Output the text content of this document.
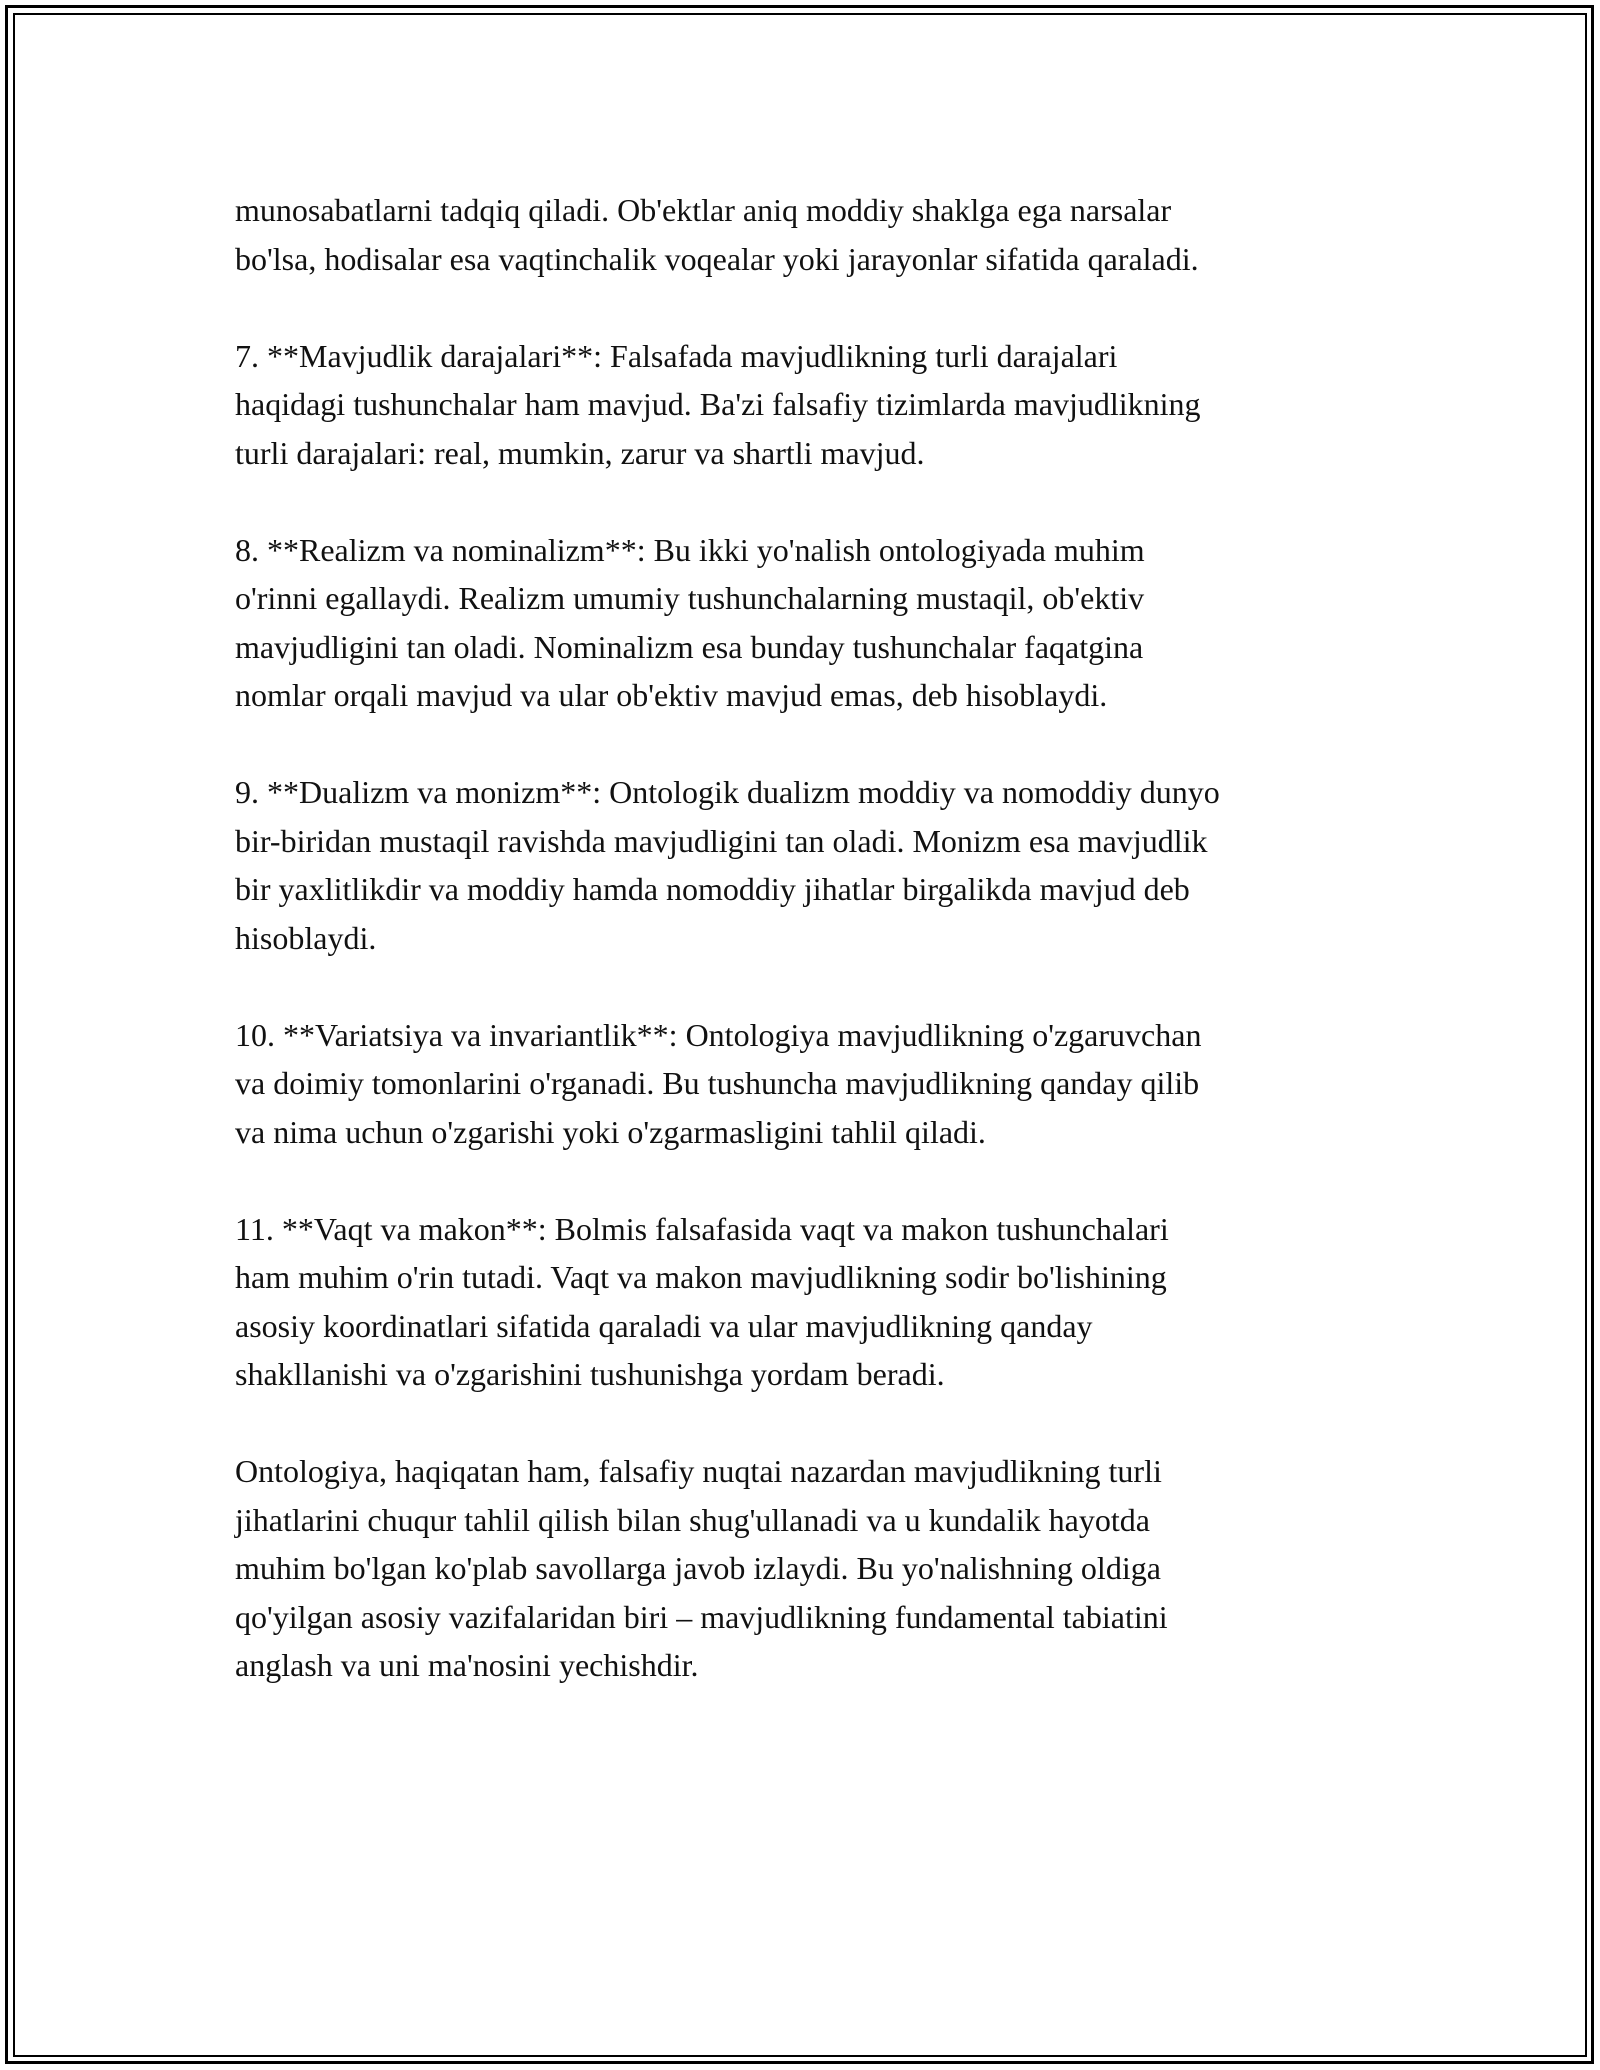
munosabatlarni tadqiq qiladi. Ob'ektlar aniq moddiy shaklga ega narsalar
bo'lsa, hodisalar esa vaqtinchalik voqealar yoki jarayonlar sifatida qaraladi.

7. **Mavjudlik darajalari**: Falsafada mavjudlikning turli darajalari
haqidagi tushunchalar ham mavjud. Ba'zi falsafiy tizimlarda mavjudlikning
turli darajalari: real, mumkin, zarur va shartli mavjud.

8. **Realizm va nominalizm**: Bu ikki yo'nalish ontologiyada muhim
o'rinni egallaydi. Realizm umumiy tushunchalarning mustaqil, ob'ektiv
mavjudligini tan oladi. Nominalizm esa bunday tushunchalar faqatgina
nomlar orqali mavjud va ular ob'ektiv mavjud emas, deb hisoblaydi.

9. **Dualizm va monizm**: Ontologik dualizm moddiy va nomoddiy dunyo
bir-biridan mustaqil ravishda mavjudligini tan oladi. Monizm esa mavjudlik
bir yaxlitlikdir va moddiy hamda nomoddiy jihatlar birgalikda mavjud deb
hisoblaydi.

10. **Variatsiya va invariantlik**: Ontologiya mavjudlikning o'zgaruvchan
va doimiy tomonlarini o'rganadi. Bu tushuncha mavjudlikning qanday qilib
va nima uchun o'zgarishi yoki o'zgarmasligini tahlil qiladi.

11. **Vaqt va makon**: Bolmis falsafasida vaqt va makon tushunchalari
ham muhim o'rin tutadi. Vaqt va makon mavjudlikning sodir bo'lishining
asosiy koordinatlari sifatida qaraladi va ular mavjudlikning qanday
shakllanishi va o'zgarishini tushunishga yordam beradi.

Ontologiya, haqiqatan ham, falsafiy nuqtai nazardan mavjudlikning turli
jihatlarini chuqur tahlil qilish bilan shug'ullanadi va u kundalik hayotda
muhim bo'lgan ko'plab savollarga javob izlaydi. Bu yo'nalishning oldiga
qo'yilgan asosiy vazifalaridan biri – mavjudlikning fundamental tabiatini
anglash va uni ma'nosini yechishdir.
